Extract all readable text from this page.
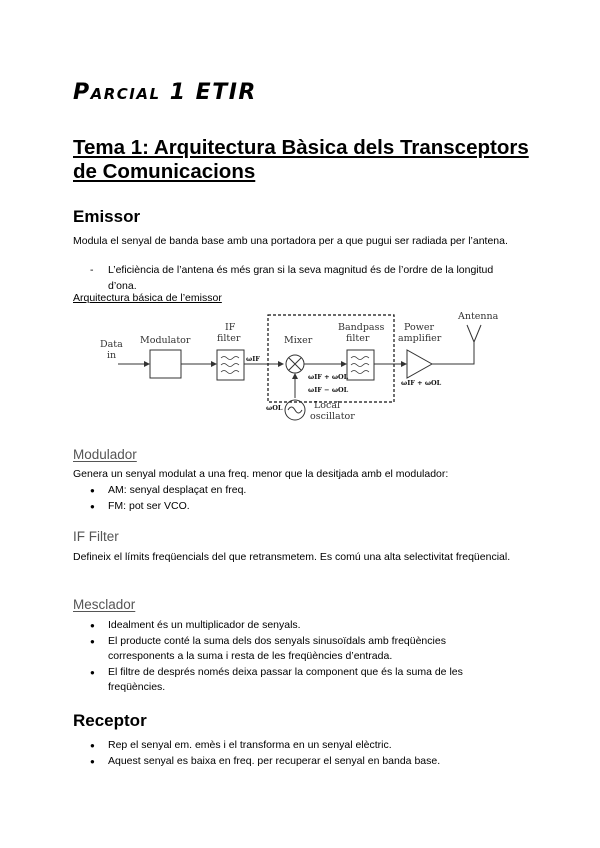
Parcial 1 ETIR
Tema 1: Arquitectura Bàsica dels Transceptors de Comunicacions
Emissor

Modula el senyal de banda base amb una portadora per a que pugui ser radiada per l’antena.

- L’eficiència de l’antena és més gran si la seva magnitud és de l’ordre de la longitud d’ona.

Arquitectura básica de l’emissor

Data
in
Modulator
IF
filter
ωIF
Mixer
ωIF + ωOL
ωIF − ωOL
ωOL	Local
oscillator
Bandpass
filter
ωIF + ωOL
Power
amplifier
Antenna
Modulador

Genera un senyal modulat a una freq. menor que la desitjada amb el modulador:

● AM: senyal desplaçat en freq.
● FM: pot ser VCO.
IF Filter

Defineix el límits freqüencials del que retransmetem. Es comú una alta selectivitat freqüencial.

Mesclador
● Idealment és un multiplicador de senyals.
● El producte conté la suma dels dos senyals sinusoïdals amb freqüències corresponents a la suma i resta de les freqüències d’entrada.
● El filtre de després només deixa passar la component que és la suma de les freqüències.
Receptor
● Rep el senyal em. emès i el transforma en un senyal elèctric.
● Aquest senyal es baixa en freq. per recuperar el senyal en banda base.
